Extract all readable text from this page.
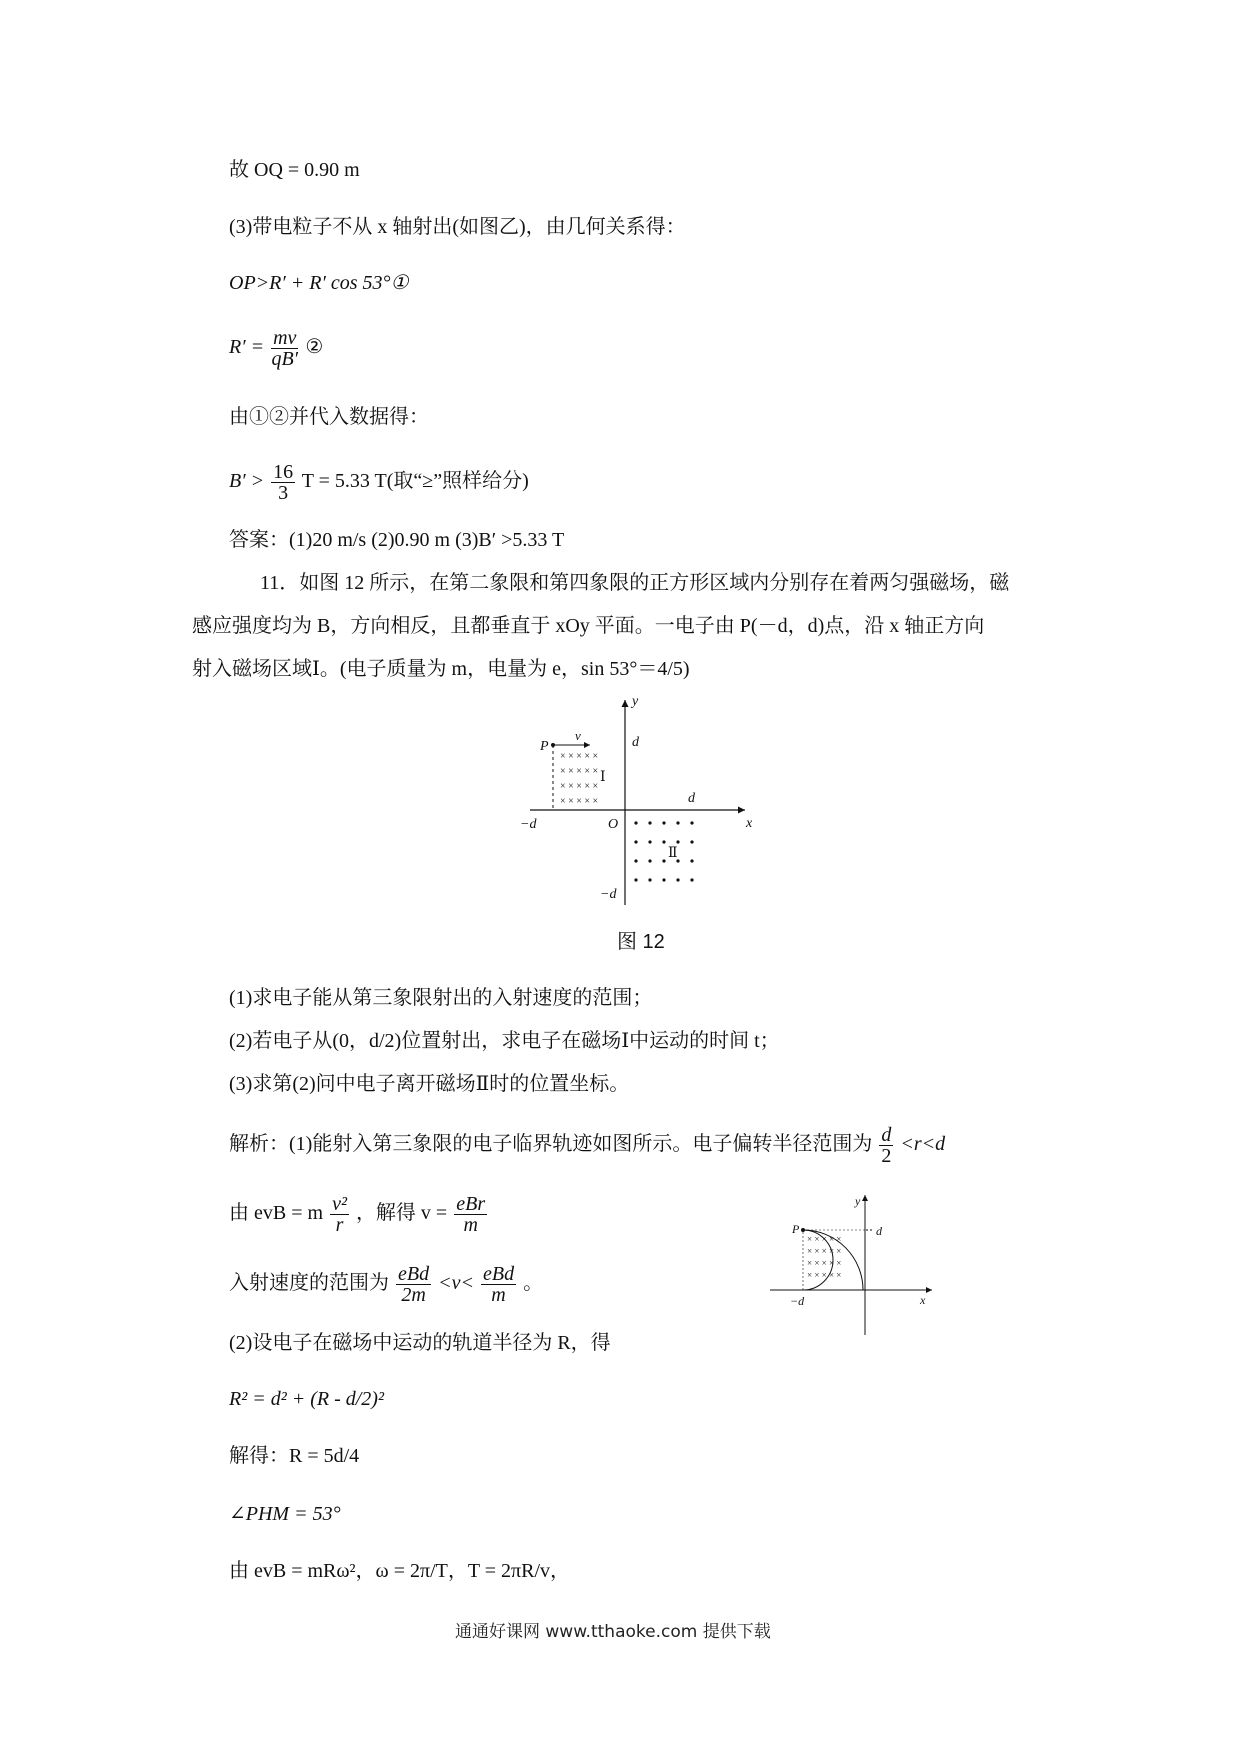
故 OQ = 0.90 m
(3)带电粒子不从 x 轴射出(如图乙)，由几何关系得：
OP>R′ + R′ cos 53°①
$R' = \frac{mv}{qB'}$ ②
由①②并代入数据得：
$B' > \frac{16}{3}$ T = 5.33 T(取“≥”照样给分)
答案：(1)20 m/s (2)0.90 m (3)B′ >5.33 T
11．如图 12 所示，在第二象限和第四象限的正方形区域内分别存在着两匀强磁场，磁
感应强度均为 B，方向相反，且都垂直于 xOy 平面。一电子由 P(－d，d)点，沿 x 轴正方向
射入磁场区域Ⅰ。(电子质量为 m，电量为 e，sin 53°＝4/5)
y
x
O
d
d
−d
−d
P
v
× × × × ×
× × × × ×
× × × × ×
× × × × ×
Ⅰ
Ⅱ
图 12
(1)求电子能从第三象限射出的入射速度的范围；
(2)若电子从(0，d/2)位置射出，求电子在磁场Ⅰ中运动的时间 t；
(3)求第(2)问中电子离开磁场Ⅱ时的位置坐标。
解析：(1)能射入第三象限的电子临界轨迹如图所示。电子偏转半径范围为 $\frac{d}{2} <r<d$
由 evB = m $\frac{\text{v²}}{r}$ ，解得 $v = \frac{\text{eBr}}{m}$
入射速度的范围为 $\frac{\text{eBd}}{2m} <v< \frac{\text{eBd}}{m}$ 。
y
x
P	d
−d
× × × × ×
× × × × ×
× × × × ×
× × × × ×
(2)设电子在磁场中运动的轨道半径为 R，得
R² = d² + (R - d/2)²
解得：R = 5d/4
∠PHM = 53°
由 evB = mRω²，ω = 2π/T，T = 2πR/v，
通通好课网 www.tthaoke.com 提供下载
